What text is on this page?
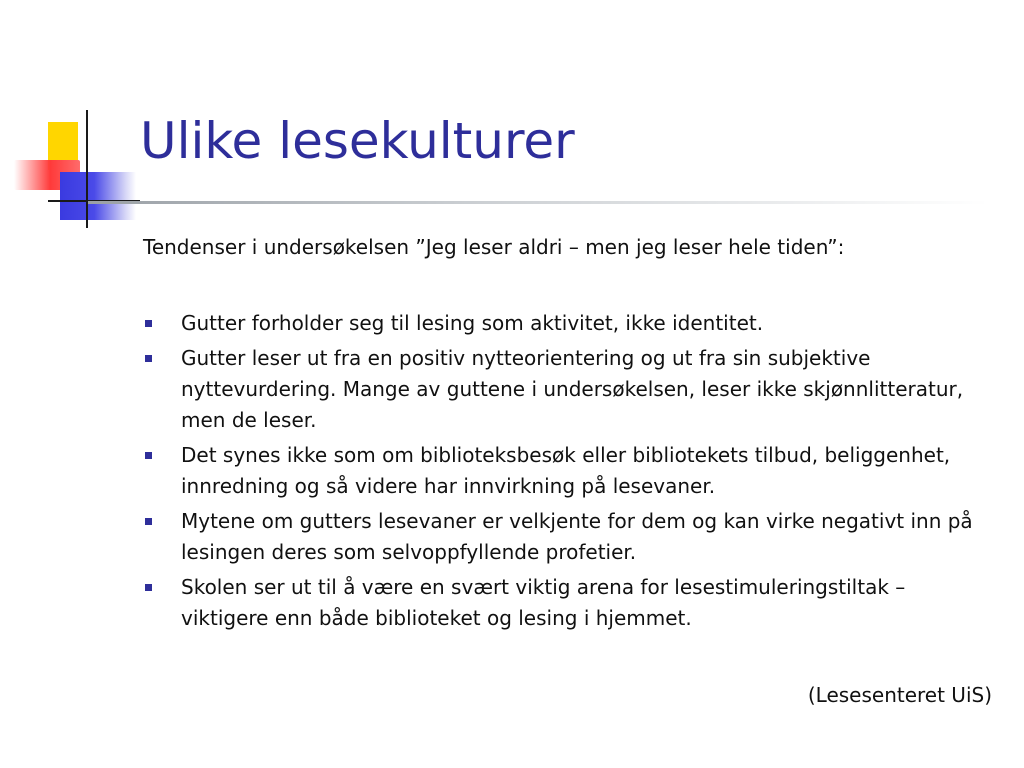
Ulike lesekulturer
Tendenser i undersøkelsen ”Jeg leser aldri – men jeg leser hele tiden”:
Gutter forholder seg til lesing som aktivitet, ikke identitet.
Gutter leser ut fra en positiv nytteorientering og ut fra sin subjektive nyttevurdering. Mange av guttene i undersøkelsen, leser ikke skjønnlitteratur, men de leser.
Det synes ikke som om biblioteksbesøk eller bibliotekets tilbud, beliggenhet, innredning og så videre har innvirkning på lesevaner.
Mytene om gutters lesevaner er velkjente for dem og kan virke negativt inn på lesingen deres som selvoppfyllende profetier.
Skolen ser ut til å være en svært viktig arena for lesestimuleringstiltak – viktigere enn både biblioteket og lesing i hjemmet.
(Lesesenteret UiS)
